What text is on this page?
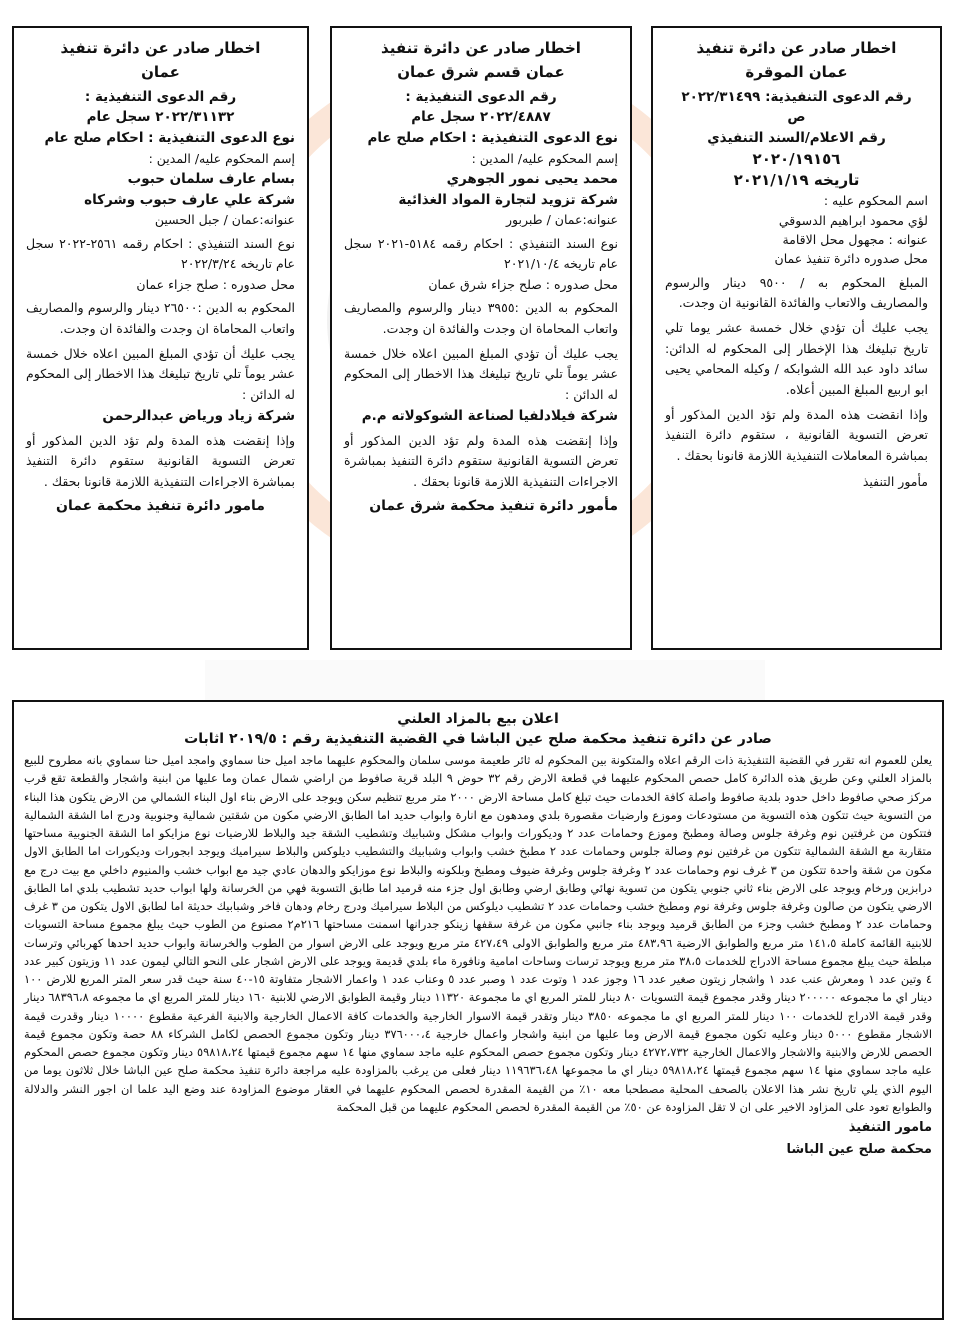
اخطار صادر عن دائرة تنفيذ

عمان الموقرة

رقم الدعوى التنفيذية: ٢٠٢٢/٣١٤٩٩

ص

رقم الاعلام/السند التنفيذي

٢٠٢٠/١٩١٥٦

تاريخه ٢٠٢١/١/١٩

اسم المحكوم عليه :

لؤي محمود ابراهيم الدسوقي

عنوانه : مجهول محل الاقامة

محل صدوره دائرة تنفيذ عمان

المبلغ المحكوم به / ٩٥٠٠ دينار والرسوم والمصاريف والاتعاب والفائدة القانونية ان وجدت.

يجب عليك أن تؤدي خلال خمسة عشر يوما تلي تاريخ تبليغك هذا الإخطار إلى المحكوم له الدائن: سائد داود عبد الله الشوابكه / وكيله المحامي يحيى ابو اربيع المبلغ المبين أعلاه.

وإذا انقضت هذه المدة ولم تؤد الدين المذكور أو تعرض التسوية القانونية ، ستقوم دائرة التنفيذ بمباشرة المعاملات التنفيذية اللازمة قانونا بحقك .

مأمور التنفيذ

اخطار صادر عن دائرة تنفيذ

عمان قسم شرق عمان

رقم الدعوى التنفيذية :

٢٠٢٢/٤٨٨٧ سجل عام

نوع الدعوى التنفيذية : احكام صلح عام

إسم المحكوم عليه/ المدين :

محمد يحيى نمور الجوهري

شركة تزويد لتجارة المواد الغذائية

عنوانه:عمان / طبربور

نوع السند التنفيذي : احكام رقمه ٥١٨٤-٢٠٢١ سجل عام تاريخه ٢٠٢١/١٠/٤

محل صدوره : صلح جزاء شرق عمان

المحكوم به الدين :٣٩٥٥ دينار والرسوم والمصاريف واتعاب المحاماة ان وجدت والفائدة ان وجدت.

يجب عليك أن تؤدي المبلغ المبين اعلاه خلال خمسة عشر يوماً تلي تاريخ تبليغك هذا الاخطار إلى المحكوم له الدائن :

شركة فيلادلفيا لصناعة الشوكولاته م.م

وإذا إنقضت هذه المدة ولم تؤد الدين المذكور أو تعرض التسوية القانونية ستقوم دائرة التنفيذ بمباشرة الاجراءات التنفيذية اللازمة قانونا بحقك .

مأمور دائرة تنفيذ محكمة شرق عمان

اخطار صادر عن دائرة تنفيذ

عمان

رقم الدعوى التنفيذية :

٢٠٢٢/٣١١٣٢ سجل عام

نوع الدعوى التنفيذية : احكام صلح عام

إسم المحكوم عليه/ المدين :

بسام عارف سلمان حبوب

شركة علي عارف حبوب وشركاه

عنوانه:عمان / جبل الحسين

نوع السند التنفيذي : احكام رقمه ٢٥٦١-٢٠٢٢ سجل عام تاريخه ٢٠٢٢/٣/٢٤

محل صدوره : صلح جزاء عمان

المحكوم به الدين :٢٦٥٠٠ دينار والرسوم والمصاريف واتعاب المحاماة ان وجدت والفائدة ان وجدت.

يجب عليك أن تؤدي المبلغ المبين اعلاه خلال خمسة عشر يوماً تلي تاريخ تبليغك هذا الاخطار إلى المحكوم له الدائن :

شركة زياد ورياض عبدالرحمن

وإذا إنقضت هذه المدة ولم تؤد الدين المذكور أو تعرض التسوية القانونية ستقوم دائرة التنفيذ بمباشرة الاجراءات التنفيذية اللازمة قانونا بحقك .

مامور دائرة تنفيذ محكمة عمان

اعلان بيع بالمزاد العلني

صادر عن دائرة تنفيذ محكمة صلح عين الباشا في القضية التنفيذية رقم : ٢٠١٩/٥ اثابات

يعلن للعموم انه تقرر في القضية التنفيذية ذات الرقم اعلاه والمتكونة بين المحكوم له ثائر طعيمة موسى سلمان والمحكوم عليهما ماجد اميل حنا سماوي وامجد اميل حنا سماوي بانه مطروح للبيع بالمزاد العلني وعن طريق هذه الدائرة كامل حصص المحكوم عليهما في قطعة الارض رقم ٣٢ حوض ٩ البلد قرية صافوط من اراضي شمال عمان وما عليها من ابنية واشجار والقطعة تقع قرب مركز صحي صافوط داخل حدود بلدية صافوط واصلة كافة الخدمات حيث تبلغ كامل مساحة الارض ٢٠٠٠ متر مربع تنظيم سكن ويوجد على الارض بناء اول البناء الشمالي من الارض يتكون هذا البناء من التسوية حيث تتكون هذه التسوية من مستودعات وموزع وارضيات مقصورة بلدي ومدهون مع انارة وابواب حديد اما الطابق الارضي مكون من شقتين شمالية وجنوبية ودرج اما الشقة الشمالية فتتكون من غرفتين نوم وغرفة جلوس وصالة ومطبخ وموزع وحمامات عدد ٢ وديكورات وابواب مشكل وشبابيك وتشطيب الشقة جيد والبلاط للارضيات نوع مزايكو اما الشقة الجنوبية مساحتها متقاربة مع الشقة الشمالية تتكون من غرفتين نوم وصالة جلوس وحمامات عدد ٢ مطبخ خشب وابواب وشبابيك والتشطيب ديلوكس والبلاط سيراميك ويوجد ابجورات وديكورات اما الطابق الاول مكون من شقة واحدة تتكون من ٣ غرف نوم وحمامات عدد ٢ وغرفة جلوس وغرفة ضيوف ومطبخ وبلكونه والبلاط نوع موزايكو والدهان عادي جيد مع ابواب خشب والمنيوم داخلي مع بيت درج مع درابزين ورخام ويوجد على الارض بناء ثاني جنوبي يتكون من تسوية نهائي وطابق ارضي وطابق اول جزء منه قرميد اما طابق التسوية فهي من الخرسانة ولها ابواب حديد تشطيب بلدي اما الطابق الارضي يتكون من صالون وغرفة جلوس وغرفة نوم ومطبخ خشب وحمامات عدد ٢ تشطيب ديلوكس من البلاط سيراميك ودرج رخام ودهان فاخر وشبابيك حديثة اما لطابق الاول يتكون من ٣ غرف وحمامات عدد ٢ ومطبخ خشب وجزء من الطابق قرميد ويوجد بناء جانبي مكون من غرفة سقفها زينكو جدرانها اسمنت مساحتها ٢١٦م٢ مصنوع من الطوب حيث يبلغ مجموع مساحة التسويات للابنية القائمة كاملة ١٤١،٥ متر مربع والطوابق الارضية ٤٨٣،٩٦ متر مربع والطوابق الاولى ٤٢٧،٤٩ متر مربع ويوجد على الارض اسوار من الطوب والخرسانة وابواب حديد احدها كهربائي وترسات مبلطة حيث يبلغ مجموع مساحة الادراج للخدمات ٣٨،٥ متر مربع ويوجد ترسات وساحات امامية ونافورة ماء بلدي قديمة ويوجد على الارض اشجار على النحو التالي ليمون عدد ١١ وزيتون كبير عدد ٤ وتين عدد ١ ومعرش عنب عدد ١ واشجار زيتون صغير عدد ١٦ وجوز عدد ١ وتوت عدد ١ وصبر عدد ٥ وعناب عدد ١ واعمار الاشجار متفاوتة ١٥-٤٠ سنة حيث قدر سعر المتر المربع للارض ١٠٠ دينار اي ما مجموعه ٢٠٠٠٠٠ دينار وقدر مجموع قيمة التسويات ٨٠ دينار للمتر المربع اي ما مجموعة ١١٣٢٠ دينار وقيمة الطوابق الارضي للابنية ١٦٠ دينار للمتر المربع اي ما مجموعه ٦٨٣٩٦،٨ دينار وقدر قيمة الادراج للخدمات ١٠٠ دينار للمتر المربع اي ما مجموعه ٣٨٥٠ دينار وتقدر قيمة الاسوار الخارجية والخدمات كافة الاعمال الخارجية والابنية الفرعية مقطوع ١٠٠٠٠ دينار وقدرت قيمة الاشجار مقطوع ٥٠٠٠ دينار وعليه تكون مجموع قيمة الارض وما عليها من ابنية واشجار واعمال خارجية ٣٧٦٠٠٠،٤ دينار وتكون مجموع الحصص لكامل الشركاء ٨٨ حصة وتكون مجموع قيمة الحصص للارض والابنية والاشجار والاعمال الخارجية ٤٢٧٢،٧٣٢ دينار وتكون مجموع حصص المحكوم عليه ماجد سماوي منها ١٤ سهم مجموع قيمتها ٥٩٨١٨،٢٤ دينار وتكون مجموع حصص المحكوم عليه ماجد سماوي منها ١٤ سهم مجموع قيمتها ٥٩٨١٨،٢٤ دينار اي ما مجموعها ١١٩٦٣٦،٤٨ دينار فعلى من يرغب بالمزاودة عليه مراجعة دائرة تنفيذ محكمة صلح عين الباشا خلال ثلاثون يوما من اليوم الذي يلي تاريخ نشر هذا الاعلان بالصحف المحلية مصطحبا معه ١٠٪ من القيمة المقدرة لحصص المحكوم عليهما في العقار موضوع المزاودة عند وضع اليد علما ان اجور النشر والدلالة والطوابع تعود على المزاود الاخير على ان لا تقل المزاودة عن ٥٠٪ من القيمة المقدرة لحصص المحكوم عليهما من قبل المحكمة

مامور التنفيذ

محكمة صلح عين الباشا
